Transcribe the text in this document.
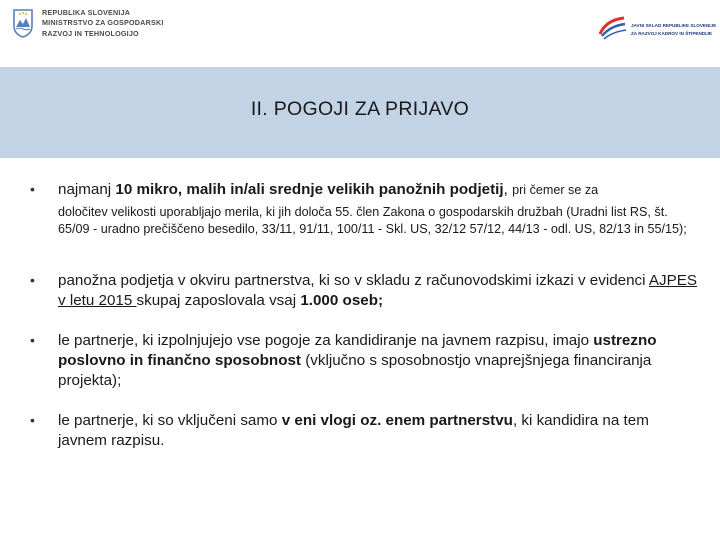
REPUBLIKA SLOVENIJA
MINISTRSTVO ZA GOSPODARSKI
RAZVOJ IN TEHNOLOGIJO
JAVNI SKLAD REPUBLIKE SLOVENIJE
ZA RAZVOJ KADROV IN ŠTIPENDIJE
II. POGOJI ZA PRIJAVO
• najmanj 10 mikro, malih in/ali srednje velikih panožnih podjetij, pri čemer se za
določitev velikosti uporabljajo merila, ki jih določa 55. člen Zakona o gospodarskih družbah (Uradni list RS, št. 65/09 - uradno prečiščeno besedilo, 33/11, 91/11, 100/11 - Skl. US, 32/12 57/12, 44/13 - odl. US, 82/13 in 55/15);
• panožna podjetja v okviru partnerstva, ki so v skladu z računovodskimi izkazi v evidenci AJPES v letu 2015 skupaj zaposlovala vsaj 1.000 oseb;
• le partnerje, ki izpolnjujejo vse pogoje za kandidiranje na javnem razpisu, imajo ustrezno poslovno in finančno sposobnost (vključno s sposobnostjo vnaprejšnjega financiranja projekta);
• le partnerje, ki so vključeni samo v eni vlogi oz. enem partnerstvu, ki kandidira na tem javnem razpisu.
